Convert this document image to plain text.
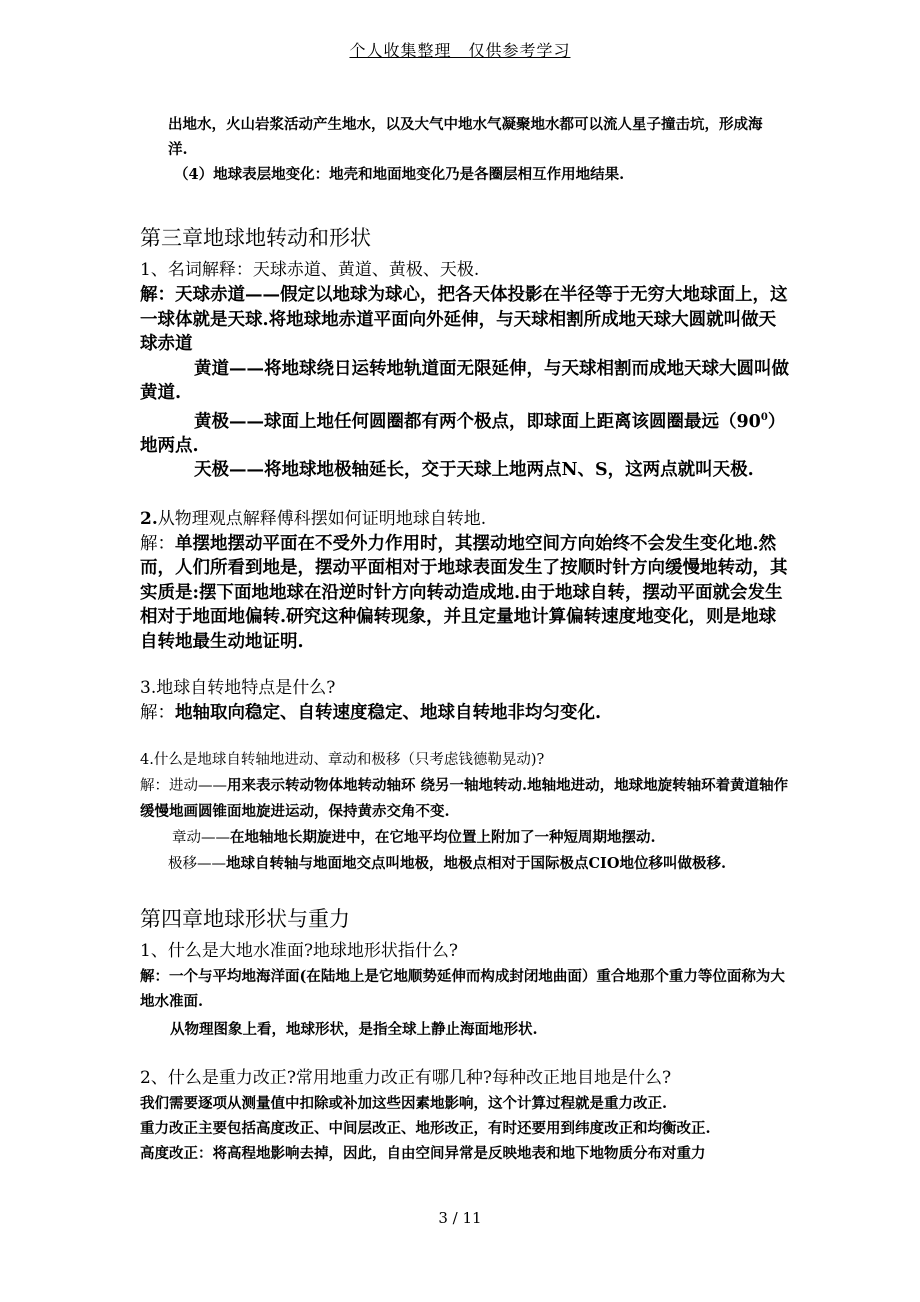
个人收集整理　仅供参考学习

出地水，火山岩浆活动产生地水，以及大气中地水气凝聚地水都可以流人星子撞击坑，形成海洋.

（4）地球表层地变化：地壳和地面地变化乃是各圈层相互作用地结果.

第三章地球地转动和形状

1、名词解释：天球赤道、黄道、黄极、天极.

解：天球赤道——假定以地球为球心，把各天体投影在半径等于无穷大地球面上，这一球体就是天球.将地球地赤道平面向外延伸，与天球相割所成地天球大圆就叫做天球赤道

黄道——将地球绕日运转地轨道面无限延伸，与天球相割而成地天球大圆叫做黄道.

黄极——球面上地任何圆圈都有两个极点，即球面上距离该圆圈最远$(90^0)$地两点.

天极——将地球地极轴延长，交于天球上地两点N、S，这两点就叫天极.

2.从物理观点解释傅科摆如何证明地球自转地.

解：单摆地摆动平面在不受外力作用时，其摆动地空间方向始终不会发生变化地.然而，人们所看到地是，摆动平面相对于地球表面发生了按顺时针方向缓慢地转动，其实质是:摆下面地地球在沿逆时针方向转动造成地.由于地球自转，摆动平面就会发生相对于地面地偏转.研究这种偏转现象，并且定量地计算偏转速度地变化，则是地球自转地最生动地证明.

3.地球自转地特点是什么?

解：地轴取向稳定、自转速度稳定、地球自转地非均匀变化.

4.什么是地球自转轴地进动、章动和极移（只考虑钱德勒晃动)?

解：进动——用来表示转动物体地转动轴环 绕另一轴地转动.地轴地进动，地球地旋转轴环着黄道轴作缓慢地画圆锥面地旋进运动，保持黄赤交角不变.

章动——在地轴地长期旋进中，在它地平均位置上附加了一种短周期地摆动.

极移——地球自转轴与地面地交点叫地极，地极点相对于国际极点CIO地位移叫做极移.

第四章地球形状与重力

1、什么是大地水准面?地球地形状指什么?

解：一个与平均地海洋面(在陆地上是它地顺势延伸而构成封闭地曲面）重合地那个重力等位面称为大地水准面.

从物理图象上看，地球形状，是指全球上静止海面地形状.

2、什么是重力改正?常用地重力改正有哪几种?每种改正地目地是什么?

我们需要逐项从测量值中扣除或补加这些因素地影响，这个计算过程就是重力改正.

重力改正主要包括高度改正、中间层改正、地形改正，有时还要用到纬度改正和均衡改正.

高度改正：将高程地影响去掉，因此，自由空间异常是反映地表和地下地物质分布对重力

3 / 11
